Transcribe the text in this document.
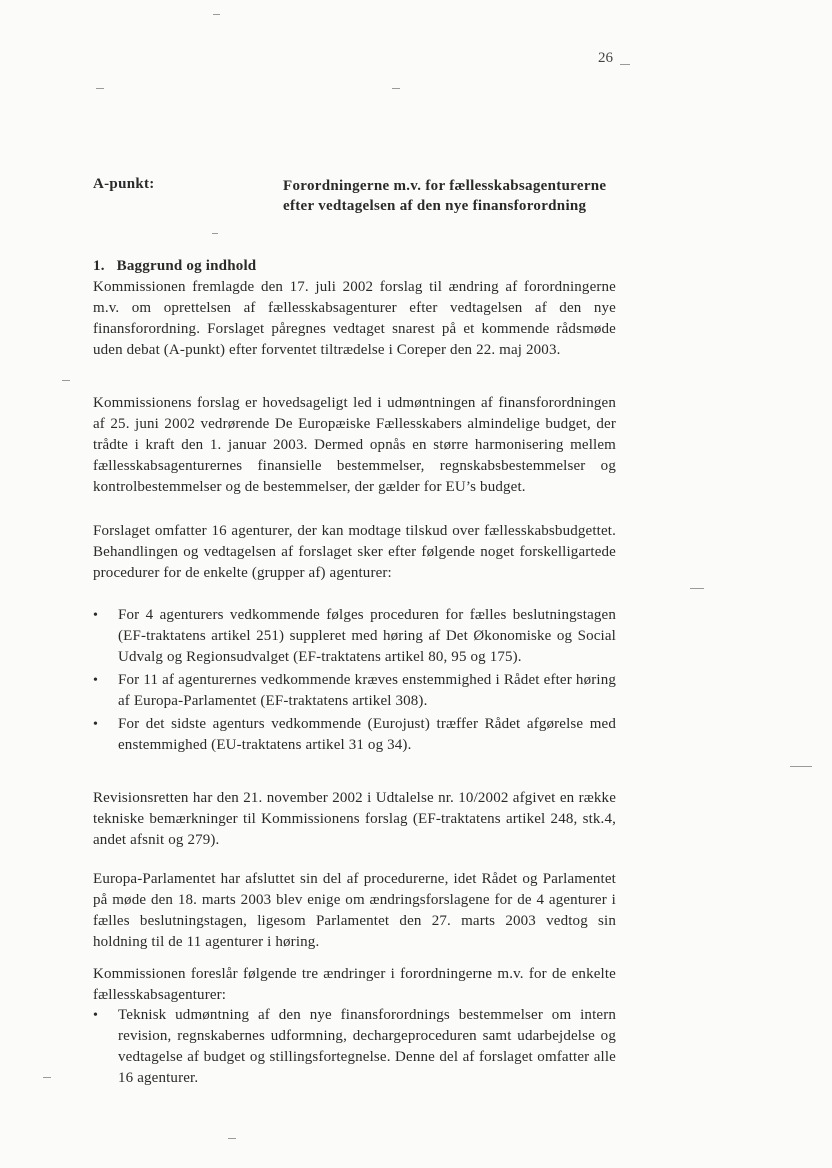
26
A-punkt:	Forordningerne m.v. for fællesskabsagenturerne efter vedtagelsen af den nye finansforordning
1. Baggrund og indhold
Kommissionen fremlagde den 17. juli 2002 forslag til ændring af forordningerne m.v. om oprettelsen af fællesskabsagenturer efter vedtagelsen af den nye finansforordning. Forslaget påregnes vedtaget snarest på et kommende rådsmøde uden debat (A-punkt) efter forventet tiltrædelse i Coreper den 22. maj 2003.
Kommissionens forslag er hovedsageligt led i udmøntningen af finansforordningen af 25. juni 2002 vedrørende De Europæiske Fællesskabers almindelige budget, der trådte i kraft den 1. januar 2003. Dermed opnås en større harmonisering mellem fællesskabsagenturernes finansielle bestemmelser, regnskabsbestemmelser og kontrolbestemmelser og de bestemmelser, der gælder for EU’s budget.
Forslaget omfatter 16 agenturer, der kan modtage tilskud over fællesskabsbudgettet. Behandlingen og vedtagelsen af forslaget sker efter følgende noget forskelligartede procedurer for de enkelte (grupper af) agenturer:
• For 4 agenturers vedkommende følges proceduren for fælles beslutningstagen (EF-traktatens artikel 251) suppleret med høring af Det Økonomiske og Social Udvalg og Regionsudvalget (EF-traktatens artikel 80, 95 og 175).
• For 11 af agenturernes vedkommende kræves enstemmighed i Rådet efter høring af Europa-Parlamentet (EF-traktatens artikel 308).
• For det sidste agenturs vedkommende (Eurojust) træffer Rådet afgørelse med enstemmighed (EU-traktatens artikel 31 og 34).
Revisionsretten har den 21. november 2002 i Udtalelse nr. 10/2002 afgivet en række tekniske bemærkninger til Kommissionens forslag (EF-traktatens artikel 248, stk.4, andet afsnit og 279).
Europa-Parlamentet har afsluttet sin del af procedurerne, idet Rådet og Parlamentet på møde den 18. marts 2003 blev enige om ændringsforslagene for de 4 agenturer i fælles beslutningstagen, ligesom Parlamentet den 27. marts 2003 vedtog sin holdning til de 11 agenturer i høring.
Kommissionen foreslår følgende tre ændringer i forordningerne m.v. for de enkelte fællesskabsagenturer:
• Teknisk udmøntning af den nye finansforordnings bestemmelser om intern revision, regnskabernes udformning, dechargeproceduren samt udarbejdelse og vedtagelse af budget og stillingsfortegnelse. Denne del af forslaget omfatter alle 16 agenturer.
